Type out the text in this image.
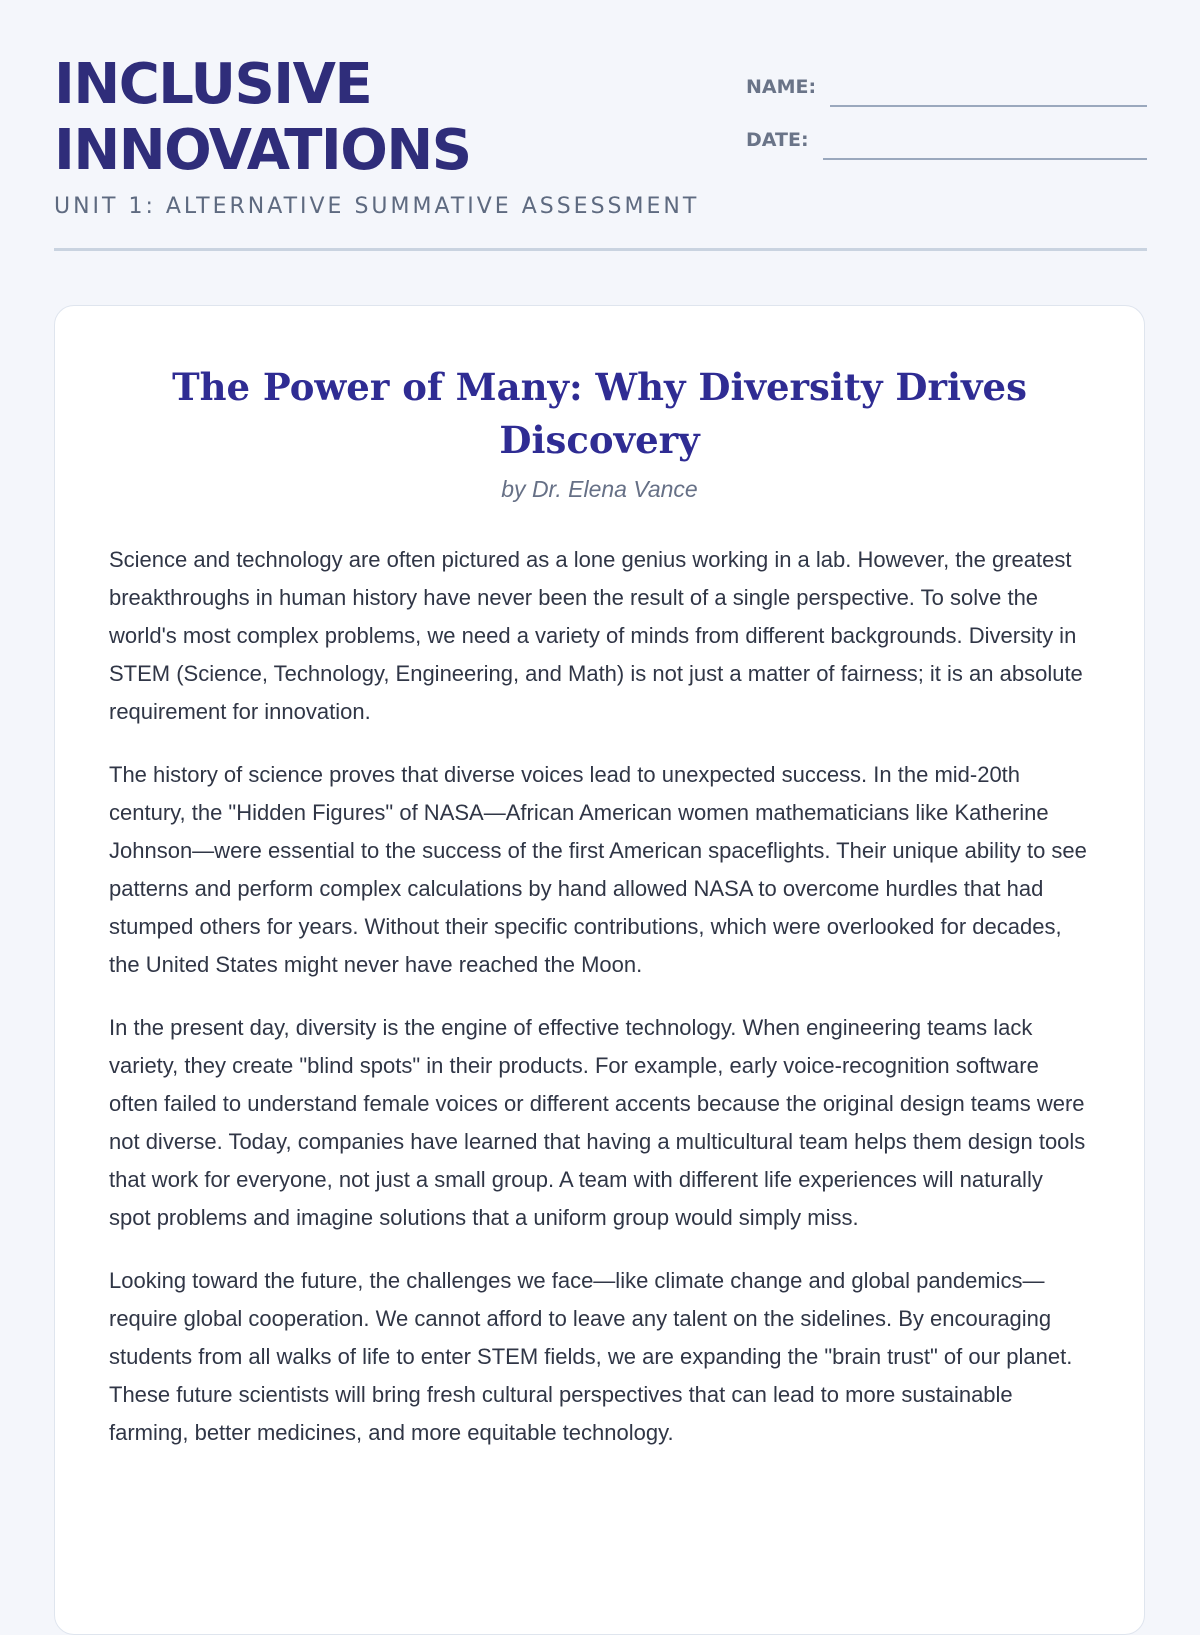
INCLUSIVE INNOVATIONS
UNIT 1: ALTERNATIVE SUMMATIVE ASSESSMENT
NAME:
DATE:
The Power of Many: Why Diversity Drives Discovery
by Dr. Elena Vance

Science and technology are often pictured as a lone genius working in a lab. However, the greatest breakthroughs in human history have never been the result of a single perspective. To solve the world's most complex problems, we need a variety of minds from different backgrounds. Diversity in STEM (Science, Technology, Engineering, and Math) is not just a matter of fairness; it is an absolute requirement for innovation.

The history of science proves that diverse voices lead to unexpected success. In the mid-20th century, the "Hidden Figures" of NASA—African American women mathematicians like Katherine Johnson—were essential to the success of the first American spaceflights. Their unique ability to see patterns and perform complex calculations by hand allowed NASA to overcome hurdles that had stumped others for years. Without their specific contributions, which were overlooked for decades, the United States might never have reached the Moon.

In the present day, diversity is the engine of effective technology. When engineering teams lack variety, they create "blind spots" in their products. For example, early voice-recognition software often failed to understand female voices or different accents because the original design teams were not diverse. Today, companies have learned that having a multicultural team helps them design tools that work for everyone, not just a small group. A team with different life experiences will naturally spot problems and imagine solutions that a uniform group would simply miss.

Looking toward the future, the challenges we face—like climate change and global pandemics—require global cooperation. We cannot afford to leave any talent on the sidelines. By encouraging students from all walks of life to enter STEM fields, we are expanding the "brain trust" of our planet. These future scientists will bring fresh cultural perspectives that can lead to more sustainable farming, better medicines, and more equitable technology.
